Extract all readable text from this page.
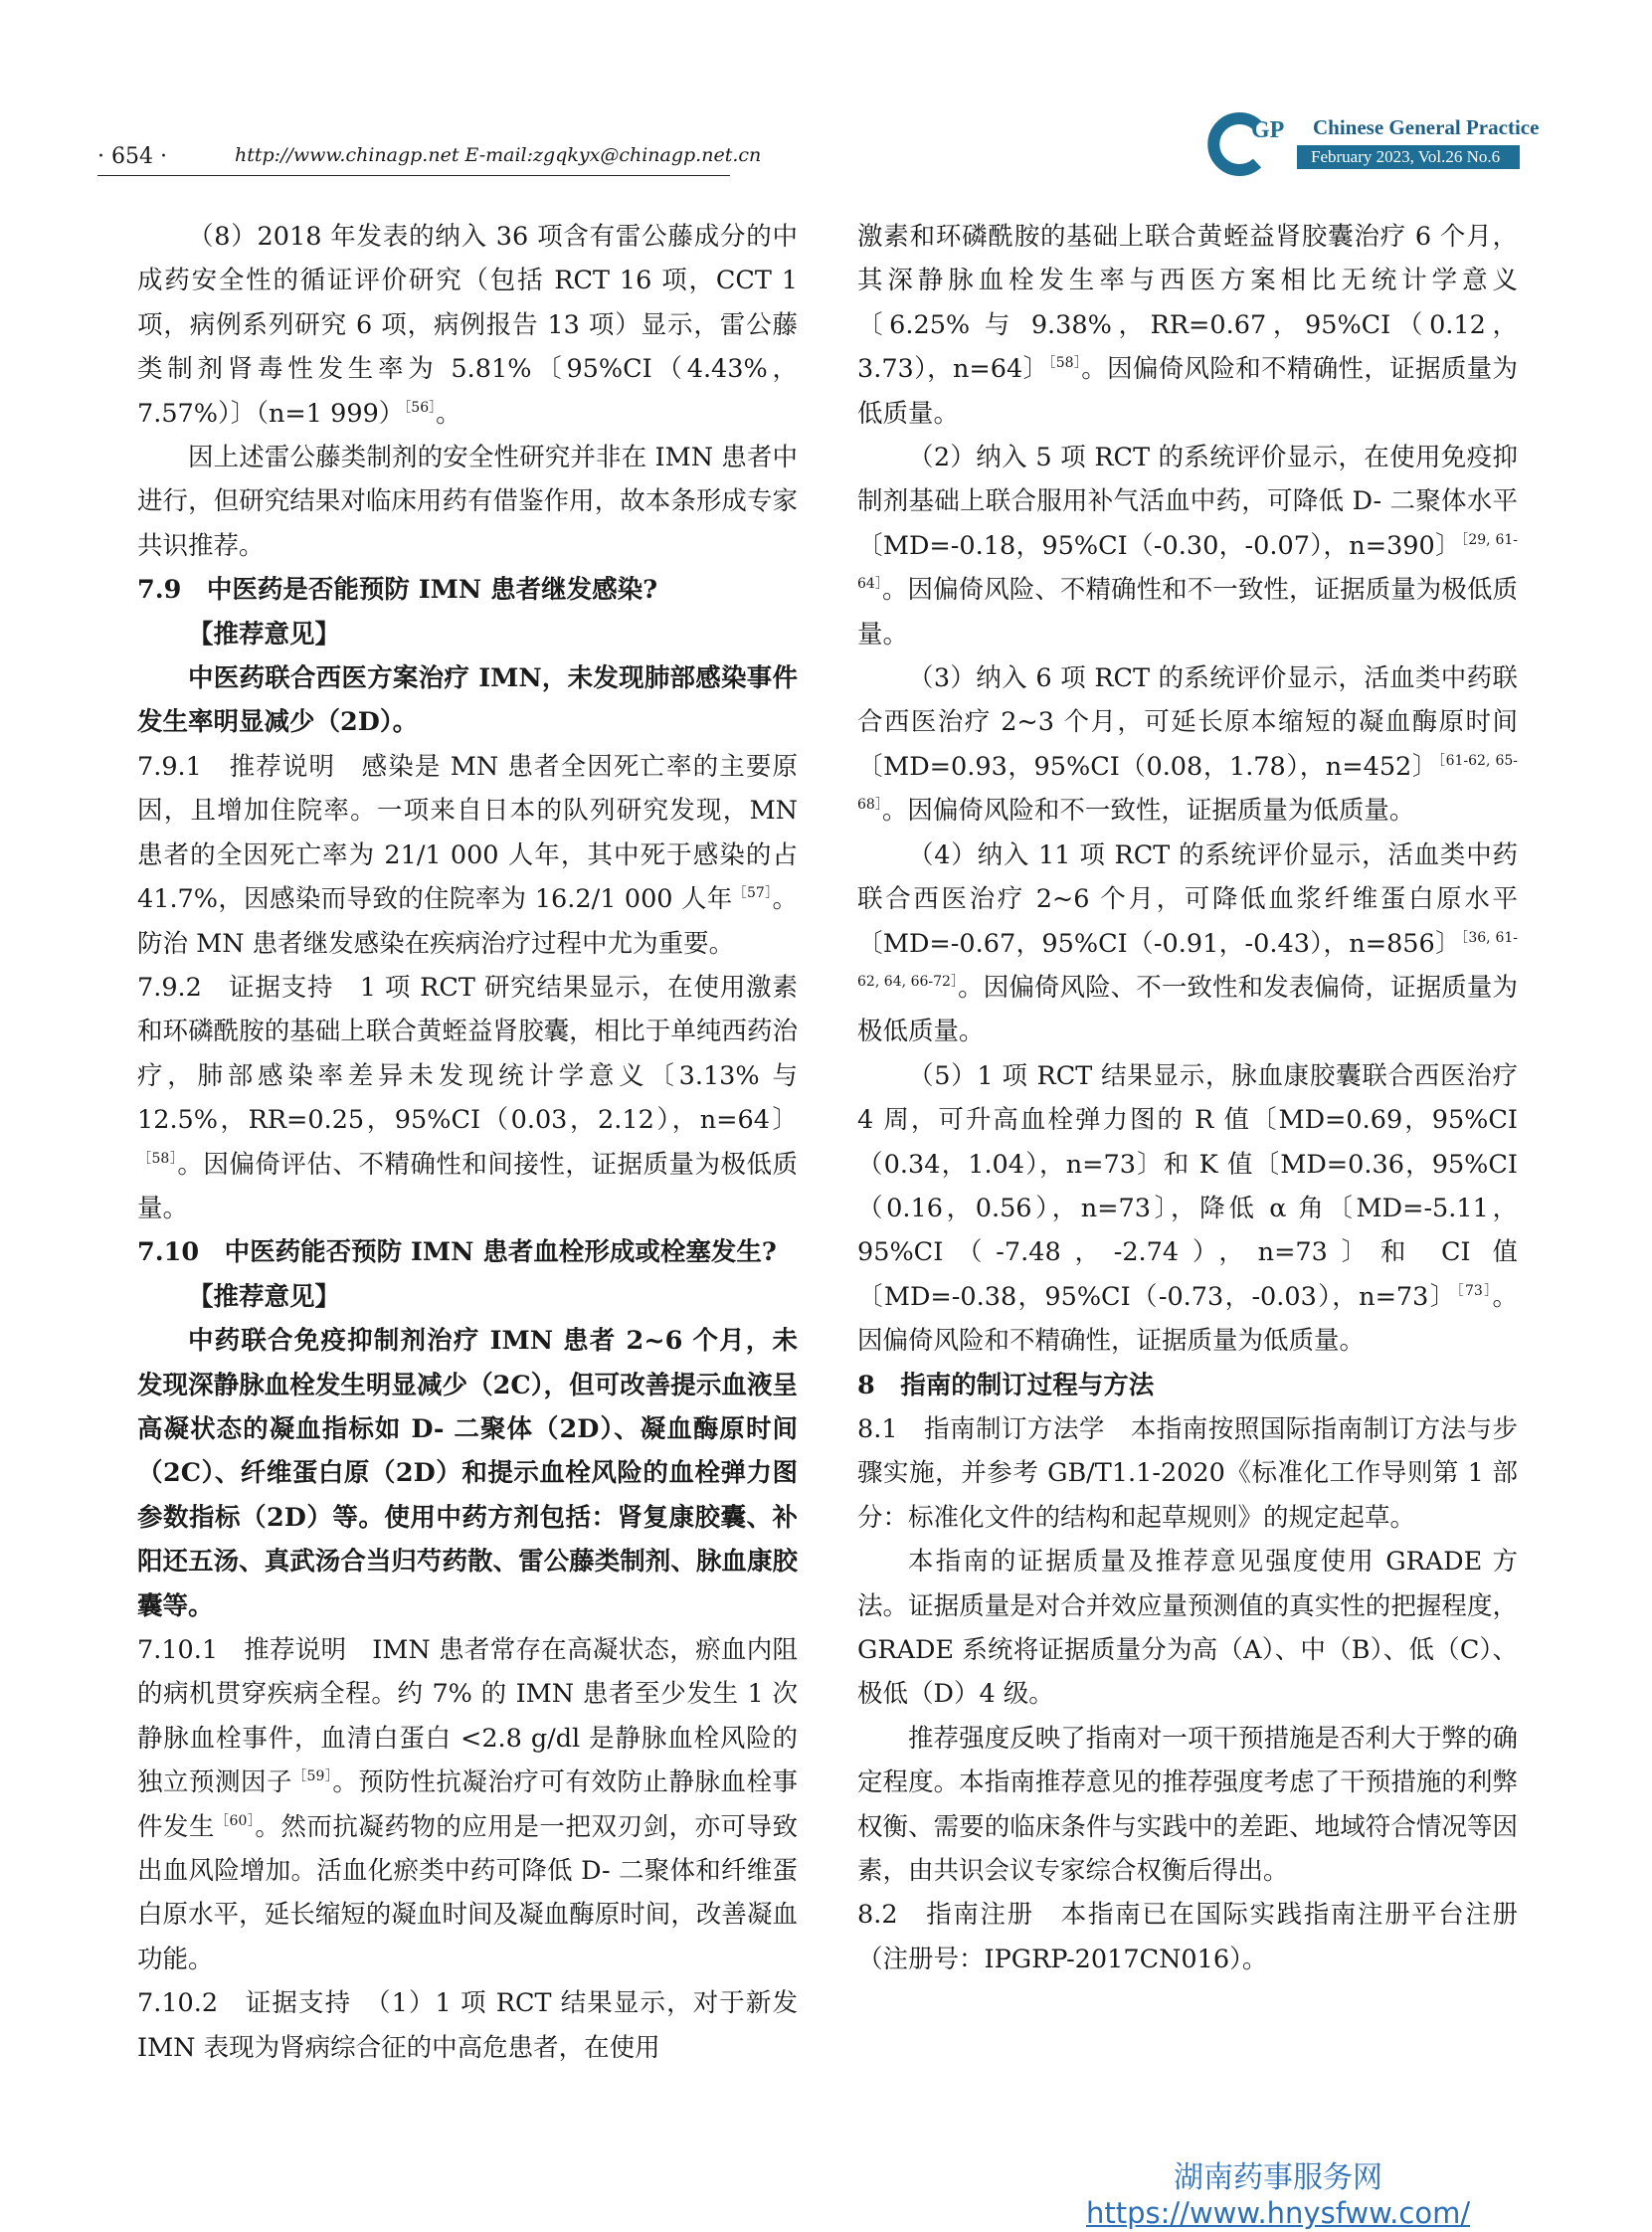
· 654 ·	http://www.chinagp.net E-mail:zgqkyx@chinagp.net.cn
GP Chinese General Practice
February 2023, Vol.26 No.6

（8）2018 年发表的纳入 36 项含有雷公藤成分的中成药安全性的循证评价研究（包括 RCT 16 项，CCT 1 项，病例系列研究 6 项，病例报告 13 项）显示，雷公藤类制剂肾毒性发生率为 5.81%〔95%CI（4.43%，7.57%）〕（n=1 999）$^{[56]}$。

因上述雷公藤类制剂的安全性研究并非在 IMN 患者中进行，但研究结果对临床用药有借鉴作用，故本条形成专家共识推荐。

7.9　中医药是否能预防 IMN 患者继发感染?

【推荐意见】

中医药联合西医方案治疗 IMN，未发现肺部感染事件发生率明显减少（2D）。

7.9.1　推荐说明　感染是 MN 患者全因死亡率的主要原因，且增加住院率。一项来自日本的队列研究发现，MN 患者的全因死亡率为 21/1 000 人年，其中死于感染的占 41.7%，因感染而导致的住院率为 16.2/1 000 人年$^{[57]}$。防治 MN 患者继发感染在疾病治疗过程中尤为重要。

7.9.2　证据支持　1 项 RCT 研究结果显示，在使用激素和环磷酰胺的基础上联合黄蛭益肾胶囊，相比于单纯西药治疗，肺部感染率差异未发现统计学意义〔3.13% 与 12.5%，RR=0.25，95%CI（0.03，2.12），n=64〕$^{[58]}$。因偏倚评估、不精确性和间接性，证据质量为极低质量。

7.10　中医药能否预防 IMN 患者血栓形成或栓塞发生?

【推荐意见】

中药联合免疫抑制剂治疗 IMN 患者 2~6 个月，未发现深静脉血栓发生明显减少（2C），但可改善提示血液呈高凝状态的凝血指标如 D- 二聚体（2D）、凝血酶原时间（2C）、纤维蛋白原（2D）和提示血栓风险的血栓弹力图参数指标（2D）等。使用中药方剂包括：肾复康胶囊、补阳还五汤、真武汤合当归芍药散、雷公藤类制剂、脉血康胶囊等。

7.10.1　推荐说明　IMN 患者常存在高凝状态，瘀血内阻的病机贯穿疾病全程。约 7% 的 IMN 患者至少发生 1 次静脉血栓事件，血清白蛋白 <2.8 g/dl 是静脉血栓风险的独立预测因子$^{[59]}$。预防性抗凝治疗可有效防止静脉血栓事件发生$^{[60]}$。然而抗凝药物的应用是一把双刃剑，亦可导致出血风险增加。活血化瘀类中药可降低 D- 二聚体和纤维蛋白原水平，延长缩短的凝血时间及凝血酶原时间，改善凝血功能。

7.10.2　证据支持　（1）1 项 RCT 结果显示，对于新发 IMN 表现为肾病综合征的中高危患者，在使用

激素和环磷酰胺的基础上联合黄蛭益肾胶囊治疗 6 个月，其深静脉血栓发生率与西医方案相比无统计学意义〔6.25% 与 9.38%，RR=0.67，95%CI（0.12，3.73），n=64〕$^{[58]}$。因偏倚风险和不精确性，证据质量为低质量。

（2）纳入 5 项 RCT 的系统评价显示，在使用免疫抑制剂基础上联合服用补气活血中药，可降低 D- 二聚体水平〔MD=-0.18，95%CI（-0.30，-0.07），n=390〕$^{[29, 61-64]}$。因偏倚风险、不精确性和不一致性，证据质量为极低质量。

（3）纳入 6 项 RCT 的系统评价显示，活血类中药联合西医治疗 2~3 个月，可延长原本缩短的凝血酶原时间〔MD=0.93，95%CI（0.08，1.78），n=452〕$^{[61-62, 65-68]}$。因偏倚风险和不一致性，证据质量为低质量。

（4）纳入 11 项 RCT 的系统评价显示，活血类中药联合西医治疗 2~6 个月，可降低血浆纤维蛋白原水平〔MD=-0.67，95%CI（-0.91，-0.43），n=856〕$^{[36, 61-62, 64, 66-72]}$。因偏倚风险、不一致性和发表偏倚，证据质量为极低质量。

（5）1 项 RCT 结果显示，脉血康胶囊联合西医治疗 4 周，可升高血栓弹力图的 R 值〔MD=0.69，95%CI（0.34，1.04），n=73〕和 K 值〔MD=0.36，95%CI（0.16，0.56），n=73〕，降低 α 角〔MD=-5.11，95%CI（-7.48，-2.74），n=73〕和 CI 值〔MD=-0.38，95%CI（-0.73，-0.03），n=73〕$^{[73]}$。因偏倚风险和不精确性，证据质量为低质量。

8　指南的制订过程与方法

8.1　指南制订方法学　本指南按照国际指南制订方法与步骤实施，并参考 GB/T1.1-2020《标准化工作导则第 1 部分：标准化文件的结构和起草规则》的规定起草。

本指南的证据质量及推荐意见强度使用 GRADE 方法。证据质量是对合并效应量预测值的真实性的把握程度，GRADE 系统将证据质量分为高（A）、中（B）、低（C）、极低（D）4 级。

推荐强度反映了指南对一项干预措施是否利大于弊的确定程度。本指南推荐意见的推荐强度考虑了干预措施的利弊权衡、需要的临床条件与实践中的差距、地域符合情况等因素，由共识会议专家综合权衡后得出。

8.2　指南注册　本指南已在国际实践指南注册平台注册（注册号：IPGRP-2017CN016）。

湖南药事服务网
https://www.hnysfww.com/
